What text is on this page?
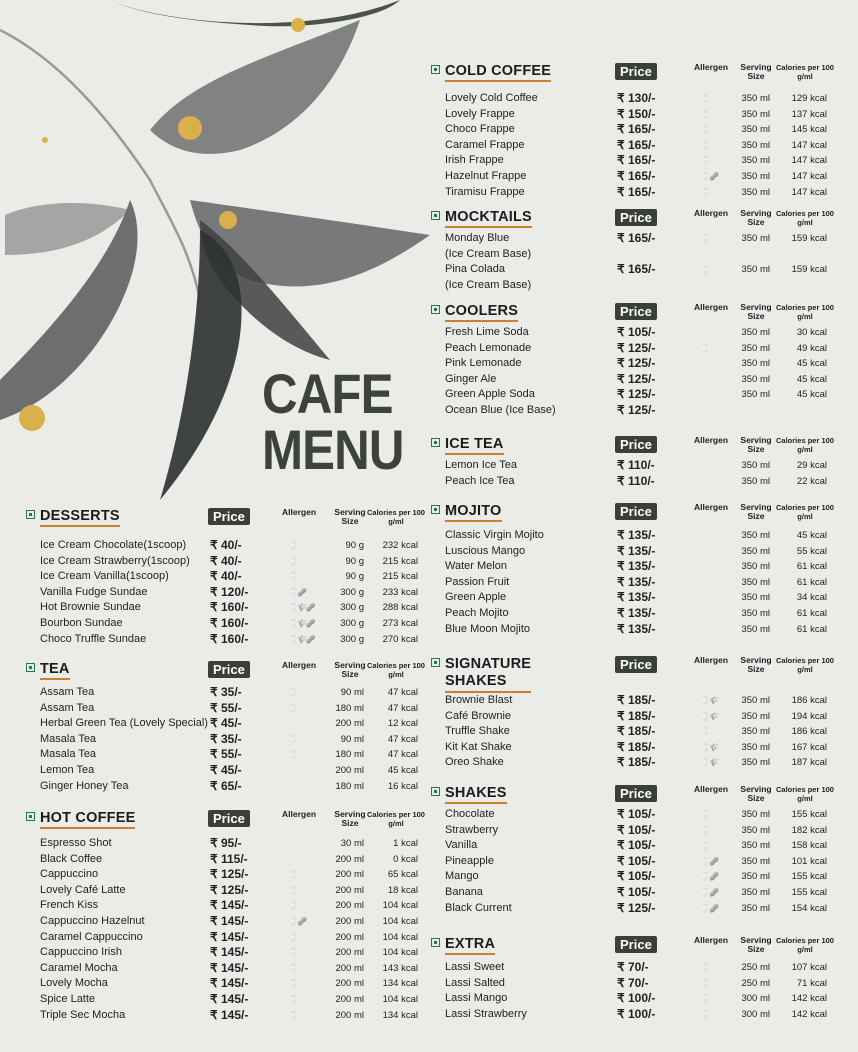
CAFE
MENU
DESSERTS	Price	Allergen	Serving Size
Calories per 100 g/ml
Ice Cream Chocolate(1scoop) ₹ 40/-	🥛	90 g 232 kcal
Ice Cream Strawberry(1scoop) ₹ 40/-	🥛	90 g 215 kcal
Ice Cream Vanilla(1scoop)	₹ 40/-	🥛	90 g 215 kcal
Vanilla Fudge Sundae	₹ 120/-	🥛🥜	300 g 233 kcal
Hot Brownie Sundae	₹ 160/-	🥛🌾🥜	300 g 288 kcal
Bourbon Sundae	₹ 160/-	🥛🌾🥜	300 g 273 kcal
Choco Truffle Sundae	₹ 160/-	🥛🌾🥜	300 g 270 kcal
TEA	Price	Allergen	Serving Size
Calories per 100 g/ml
Assam Tea	₹ 35/-	🥛	90 ml	47 kcal
Assam Tea	₹ 55/-	🥛	180 ml	47 kcal
Herbal Green Tea (Lovely Special) ₹ 45/-	200 ml	12 kcal
Masala Tea	₹ 35/-	🥛	90 ml	47 kcal
Masala Tea	₹ 55/-	🥛	180 ml	47 kcal
Lemon Tea	₹ 45/-	200 ml	45 kcal
Ginger Honey Tea	₹ 65/-	180 ml	16 kcal
HOT COFFEE	Price	Allergen	Serving Size
Calories per 100 g/ml
Espresso Shot	₹ 95/-	30 ml	1 kcal
Black Coffee	₹ 115/-	200 ml	0 kcal
Cappuccino	₹ 125/-	🥛	200 ml	65 kcal
Lovely Café Latte	₹ 125/-	🥛	200 ml	18 kcal
French Kiss	₹ 145/-	🥛	200 ml 104 kcal
Cappuccino Hazelnut	₹ 145/-	🥛🥜	200 ml 104 kcal
Caramel Cappuccino	₹ 145/-	🥛	200 ml 104 kcal
Cappuccino Irish	₹ 145/-	🥛	200 ml 104 kcal
Caramel Mocha	₹ 145/-	🥛	200 ml 143 kcal
Lovely Mocha	₹ 145/-	🥛	200 ml 134 kcal
Spice Latte	₹ 145/-	🥛	200 ml 104 kcal
Triple Sec Mocha	₹ 145/-	🥛	200 ml 134 kcal
COLD COFFEE	Price	Allergen	Serving Size
Calories per 100 g/ml
Lovely Cold Coffee	₹ 130/-	🥛	350 ml 129 kcal
Lovely Frappe	₹ 150/-	🥛	350 ml 137 kcal
Choco Frappe	₹ 165/-	🥛	350 ml 145 kcal
Caramel Frappe	₹ 165/-	🥛	350 ml 147 kcal
Irish Frappe	₹ 165/-	🥛	350 ml 147 kcal
Hazelnut Frappe	₹ 165/-	🥛🥜 350 ml 147 kcal
Tiramisu Frappe	₹ 165/-	🥛	350 ml 147 kcal
MOCKTAILS	Price	Allergen	Serving Size
Calories per 100 g/ml
Monday Blue	₹ 165/-	🥛	350 ml 159 kcal
(Ice Cream Base)
Pina Colada	₹ 165/-	🥛	350 ml 159 kcal
(Ice Cream Base)
COOLERS	Price	Allergen	Serving Size
Calories per 100 g/ml
Fresh Lime Soda	₹ 105/-	350 ml	30 kcal
Peach Lemonade	₹ 125/-	🥛	350 ml	49 kcal
Pink Lemonade	₹ 125/-	350 ml	45 kcal
Ginger Ale	₹ 125/-	350 ml	45 kcal
Green Apple Soda	₹ 125/-	350 ml	45 kcal
Ocean Blue (Ice Base)	₹ 125/-
ICE TEA	Price	Allergen	Serving Size
Calories per 100 g/ml
Lemon Ice Tea	₹ 110/-	350 ml	29 kcal
Peach Ice Tea	₹ 110/-	350 ml	22 kcal
MOJITO	Price	Allergen	Serving Size
Calories per 100 g/ml
Classic Virgin Mojito	₹ 135/-	350 ml	45 kcal
Luscious Mango	₹ 135/-	350 ml	55 kcal
Water Melon	₹ 135/-	350 ml	61 kcal
Passion Fruit	₹ 135/-	350 ml	61 kcal
Green Apple	₹ 135/-	350 ml	34 kcal
Peach Mojito	₹ 135/-	350 ml	61 kcal
Blue Moon Mojito	₹ 135/-	350 ml	61 kcal
SIGNATURE
SHAKES
Price	Allergen	Serving Size
Calories per 100 g/ml
Brownie Blast	₹ 185/-	🥛🌾 350 ml 186 kcal
Café Brownie	₹ 185/-	🥛🌾 350 ml 194 kcal
Truffle Shake	₹ 185/-	🥛	350 ml 186 kcal
Kit Kat Shake	₹ 185/-	🥛🌾 350 ml 167 kcal
Oreo Shake	₹ 185/-	🥛🌾 350 ml 187 kcal
SHAKES	Price	Allergen	Serving Size
Calories per 100 g/ml
Chocolate	₹ 105/-	🥛	350 ml 155 kcal
Strawberry	₹ 105/-	🥛	350 ml 182 kcal
Vanilla	₹ 105/-	🥛	350 ml 158 kcal
Pineapple	₹ 105/-	🥛🥜 350 ml 101 kcal
Mango	₹ 105/-	🥛🥜 350 ml 155 kcal
Banana	₹ 105/-	🥛🥜 350 ml 155 kcal
Black Current	₹ 125/-	🥛🥜 350 ml 154 kcal
EXTRA	Price	Allergen	Serving Size
Calories per 100 g/ml
Lassi Sweet	₹ 70/-	🥛	250 ml 107 kcal
Lassi Salted	₹ 70/-	🥛	250 ml	71 kcal
Lassi Mango	₹ 100/-	🥛	300 ml 142 kcal
Lassi Strawberry	₹ 100/-	🥛	300 ml 142 kcal
